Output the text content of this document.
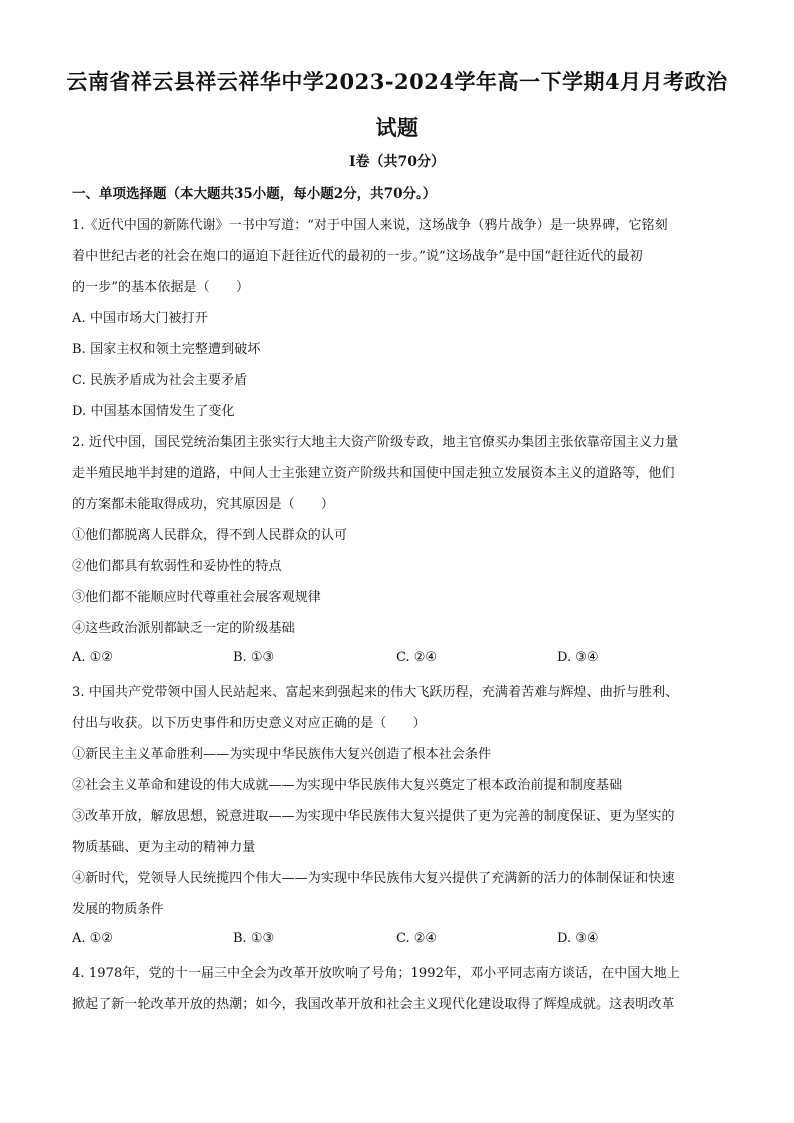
云南省祥云县祥云祥华中学2023-2024学年高一下学期4月月考政治
试题
Ⅰ卷（共70分）
一、单项选择题（本大题共35小题，每小题2分，共70分。）
1.《近代中国的新陈代谢》一书中写道：“对于中国人来说，这场战争（鸦片战争）是一块界碑，它铭刻
着中世纪古老的社会在炮口的逼迫下赶往近代的最初的一步。”说“这场战争”是中国“赶往近代的最初
的一步”的基本依据是（　　）
A. 中国市场大门被打开
B. 国家主权和领土完整遭到破坏
C. 民族矛盾成为社会主要矛盾
D. 中国基本国情发生了变化
2. 近代中国，国民党统治集团主张实行大地主大资产阶级专政，地主官僚买办集团主张依靠帝国主义力量
走半殖民地半封建的道路，中间人士主张建立资产阶级共和国使中国走独立发展资本主义的道路等，他们
的方案都未能取得成功，究其原因是（　　）
①他们都脱离人民群众，得不到人民群众的认可
②他们都具有软弱性和妥协性的特点
③他们都不能顺应时代尊重社会展客观规律
④这些政治派别都缺乏一定的阶级基础
A. ①②	B. ①③	C. ②④	D. ③④
3. 中国共产党带领中国人民站起来、富起来到强起来的伟大飞跃历程，充满着苦难与辉煌、曲折与胜利、
付出与收获。以下历史事件和历史意义对应正确的是（　　）
①新民主主义革命胜利——为实现中华民族伟大复兴创造了根本社会条件
②社会主义革命和建设的伟大成就——为实现中华民族伟大复兴奠定了根本政治前提和制度基础
③改革开放，解放思想，锐意进取——为实现中华民族伟大复兴提供了更为完善的制度保证、更为坚实的
物质基础、更为主动的精神力量
④新时代，党领导人民统揽四个伟大——为实现中华民族伟大复兴提供了充满新的活力的体制保证和快速
发展的物质条件
A. ①②	B. ①③	C. ②④	D. ③④
4. 1978年，党的十一届三中全会为改革开放吹响了号角；1992年，邓小平同志南方谈话，在中国大地上
掀起了新一轮改革开放的热潮；如今，我国改革开放和社会主义现代化建设取得了辉煌成就。这表明改革
